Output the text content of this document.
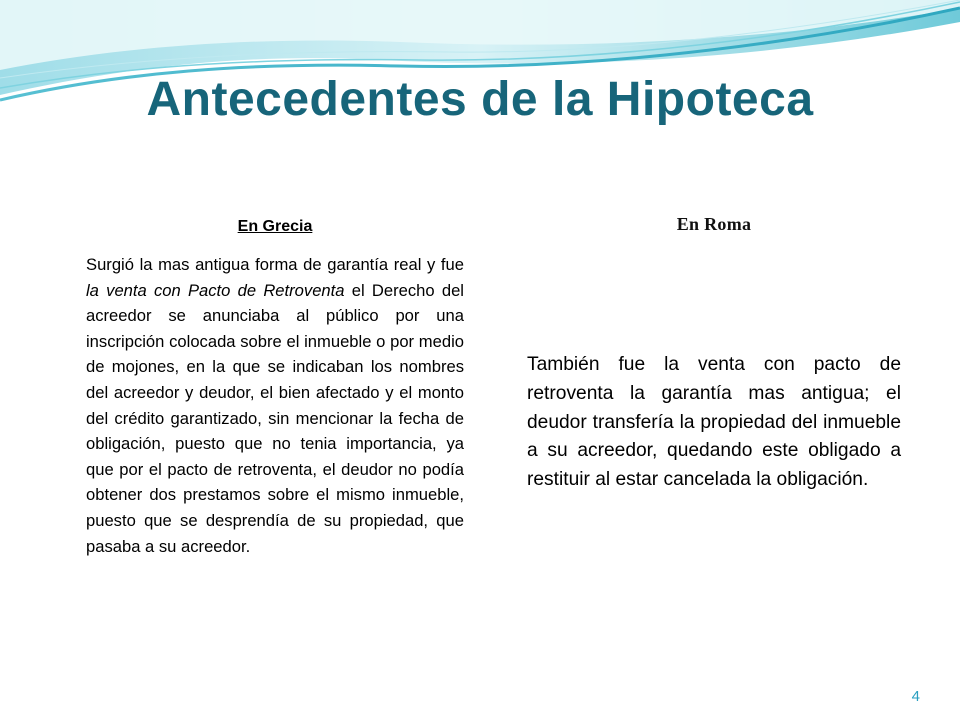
Antecedentes de la Hipoteca
En Grecia

Surgió la mas antigua forma de garantía real y fue la venta con Pacto de Retroventa el Derecho del acreedor se anunciaba al público por una inscripción colocada sobre el inmueble o por medio de mojones, en la que se indicaban los nombres del acreedor y deudor, el bien afectado y el monto del crédito garantizado, sin mencionar la fecha de obligación, puesto que no tenia importancia, ya que por el pacto de retroventa, el deudor no podía obtener dos prestamos sobre el mismo inmueble, puesto que se desprendía de su propiedad, que pasaba a su acreedor.

En Roma

También fue la venta con pacto de retroventa la garantía mas antigua; el deudor transfería la propiedad del inmueble a su acreedor, quedando este obligado a restituir al estar cancelada la obligación.

4
